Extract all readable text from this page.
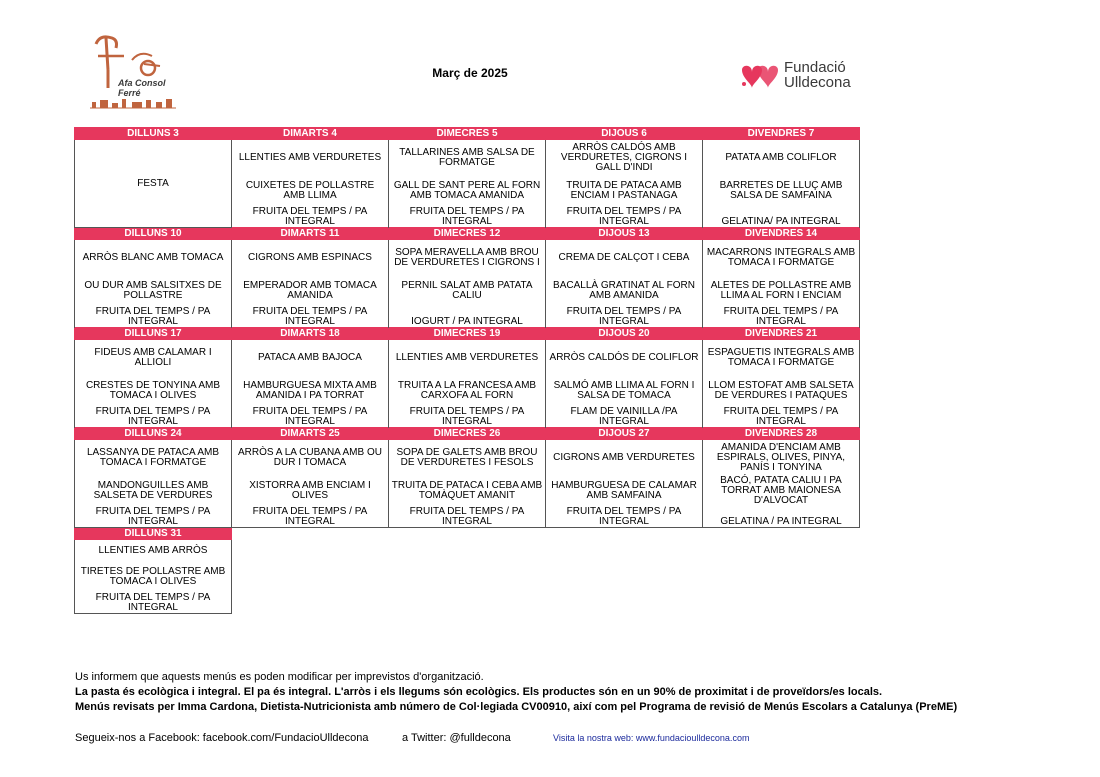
Afa Consol Ferré
Març de 2025	Fundació
Ulldecona
DILLUNS 3	DIMARTS 4	DIMECRES 5	DIJOUS 6	DIVENDRES 7
FESTA	LLENTIES AMB VERDURETES	TALLARINES AMB SALSA DE FORMATGE	ARRÒS CALDÓS AMB VERDURETES, CIGRONS I GALL D'INDI	PATATA AMB COLIFLOR
	CUIXETES DE POLLASTRE AMB LLIMA	GALL DE SANT PERE AL FORN AMB TOMACA AMANIDA	TRUITA DE PATACA AMB ENCIAM I PASTANAGA	BARRETES DE LLUÇ AMB SALSA DE SAMFAINA
	FRUITA DEL TEMPS / PA INTEGRAL	FRUITA DEL TEMPS / PA INTEGRAL	FRUITA DEL TEMPS / PA INTEGRAL	GELATINA/ PA INTEGRAL
DILLUNS 10	DIMARTS 11	DIMECRES 12	DIJOUS 13	DIVENDRES 14
ARRÒS BLANC AMB TOMACA	CIGRONS AMB ESPINACS	SOPA MERAVELLA AMB BROU DE VERDURETES I CIGRONS I	CREMA DE CALÇOT I CEBA	MACARRONS INTEGRALS AMB TOMACA I FORMATGE
OU DUR AMB SALSITXES DE POLLASTRE	EMPERADOR AMB TOMACA AMANIDA	PERNIL SALAT AMB PATATA CALIU	BACALLÀ GRATINAT AL FORN AMB AMANIDA	ALETES DE POLLASTRE AMB LLIMA AL FORN I ENCIAM
FRUITA DEL TEMPS / PA INTEGRAL	FRUITA DEL TEMPS / PA INTEGRAL	IOGURT / PA INTEGRAL	FRUITA DEL TEMPS / PA INTEGRAL	FRUITA DEL TEMPS / PA INTEGRAL
DILLUNS 17	DIMARTS 18	DIMECRES 19	DIJOUS 20	DIVENDRES 21
FIDEUS AMB CALAMAR I ALLIOLI	PATACA AMB BAJOCA	LLENTIES AMB VERDURETES	ARRÒS CALDÓS DE COLIFLOR	ESPAGUETIS INTEGRALS AMB TOMACA I FORMATGE
CRESTES DE TONYINA AMB TOMACA I OLIVES	HAMBURGUESA MIXTA AMB AMANIDA I PA TORRAT	TRUITA A LA FRANCESA AMB CARXOFA AL FORN	SALMÓ AMB LLIMA AL FORN I SALSA DE TOMACA	LLOM ESTOFAT AMB SALSETA DE VERDURES I PATAQUES
FRUITA DEL TEMPS / PA INTEGRAL	FRUITA DEL TEMPS / PA INTEGRAL	FRUITA DEL TEMPS / PA INTEGRAL	FLAM DE VAINILLA /PA INTEGRAL	FRUITA DEL TEMPS / PA INTEGRAL
DILLUNS 24	DIMARTS 25	DIMECRES 26	DIJOUS 27	DIVENDRES 28
LASSANYA DE PATACA AMB TOMACA I FORMATGE	ARRÒS A LA CUBANA AMB OU DUR I TOMACA	SOPA DE GALETS AMB BROU DE VERDURETES I FESOLS	CIGRONS AMB VERDURETES	AMANIDA D'ENCIAM AMB ESPIRALS, OLIVES, PINYA, PANÍS I TONYINA
MANDONGUILLES AMB SALSETA DE VERDURES	XISTORRA AMB ENCIAM I OLIVES	TRUITA DE PATACA I CEBA AMB TOMÀQUET AMANIT	HAMBURGUESA DE CALAMAR AMB SAMFAINA	BACÓ, PATATA CALIU I PA TORRAT AMB MAIONESA D'ALVOCAT
FRUITA DEL TEMPS / PA INTEGRAL	FRUITA DEL TEMPS / PA INTEGRAL	FRUITA DEL TEMPS / PA INTEGRAL	FRUITA DEL TEMPS / PA INTEGRAL	GELATINA / PA INTEGRAL
DILLUNS 31				
LLENTIES AMB ARRÒS				
TIRETES DE POLLASTRE AMB TOMACA I OLIVES				
FRUITA DEL TEMPS / PA INTEGRAL				
Us informem que aquests menús es poden modificar per imprevistos d'organització.
La pasta és ecològica i integral. El pa és integral. L'arròs i els llegums són ecològics. Els productes són en un 90% de proximitat i de proveïdors/es locals.
Menús revisats per Imma Cardona, Dietista-Nutricionista amb número de Col·legiada CV00910, així com pel Programa de revisió de Menús Escolars a Catalunya (PreME)
Segueix-nos a Facebook: facebook.com/FundacioUlldecona	a Twitter: @fulldecona	Visita la nostra web: www.fundacioulldecona.com
